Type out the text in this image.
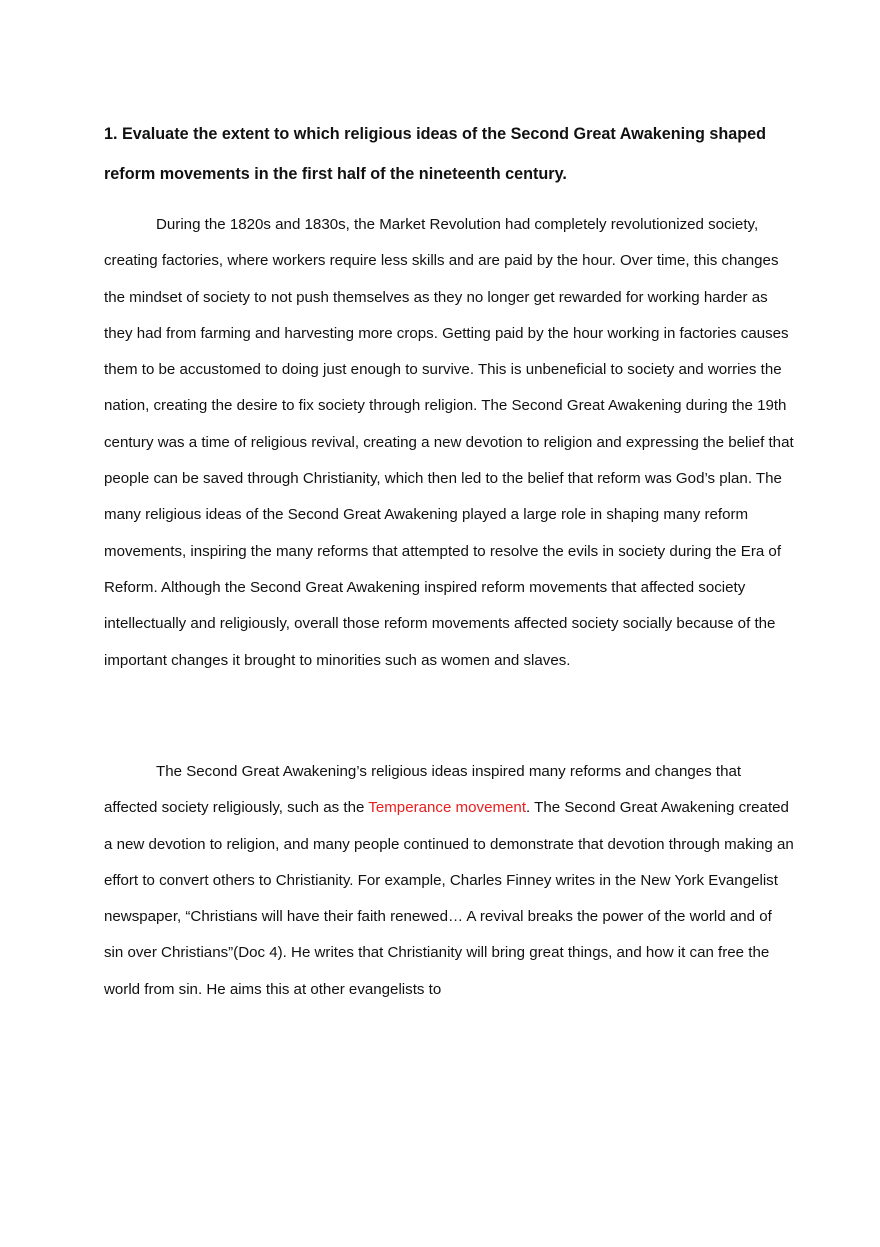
1. Evaluate the extent to which religious ideas of the Second Great Awakening shaped reform movements in the first half of the nineteenth century.

During the 1820s and 1830s, the Market Revolution had completely revolutionized society, creating factories, where workers require less skills and are paid by the hour. Over time, this changes the mindset of society to not push themselves as they no longer get rewarded for working harder as they had from farming and harvesting more crops. Getting paid by the hour working in factories causes them to be accustomed to doing just enough to survive. This is unbeneficial to society and worries the nation, creating the desire to fix society through religion. The Second Great Awakening during the 19th century was a time of religious revival, creating a new devotion to religion and expressing the belief that people can be saved through Christianity, which then led to the belief that reform was God’s plan. The many religious ideas of the Second Great Awakening played a large role in shaping many reform movements, inspiring the many reforms that attempted to resolve the evils in society during the Era of Reform. Although the Second Great Awakening inspired reform movements that affected society intellectually and religiously, overall those reform movements affected society socially because of the important changes it brought to minorities such as women and slaves.

The Second Great Awakening’s religious ideas inspired many reforms and changes that affected society religiously, such as the Temperance movement. The Second Great Awakening created a new devotion to religion, and many people continued to demonstrate that devotion through making an effort to convert others to Christianity. For example, Charles Finney writes in the New York Evangelist newspaper, “Christians will have their faith renewed… A revival breaks the power of the world and of sin over Christians”(Doc 4). He writes that Christianity will bring great things, and how it can free the world from sin. He aims this at other evangelists to
